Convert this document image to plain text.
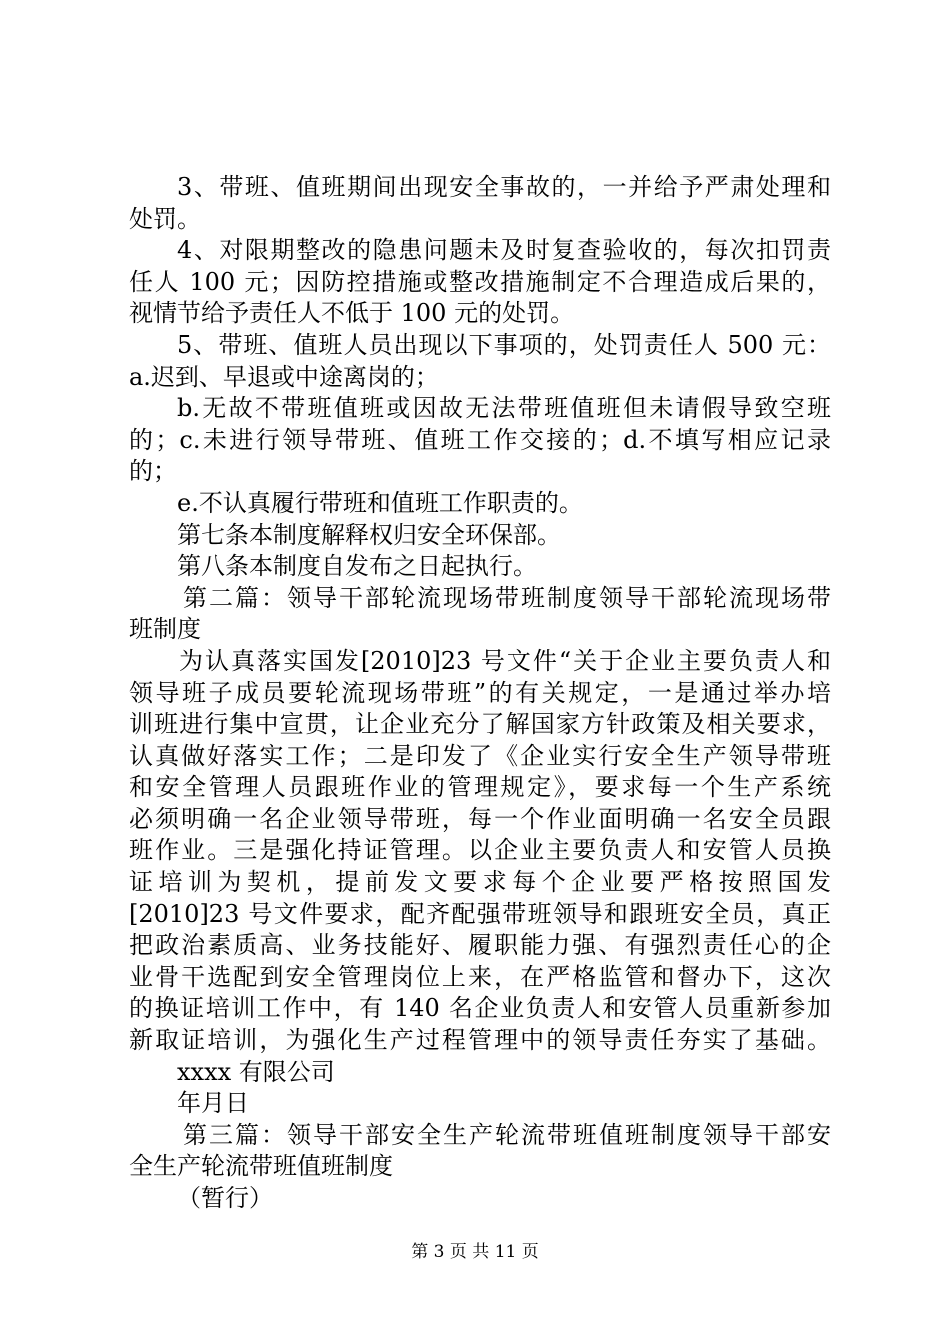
3、带班、值班期间出现安全事故的，一并给予严肃处理和
处罚。
4、对限期整改的隐患问题未及时复查验收的，每次扣罚责
任人 100 元；因防控措施或整改措施制定不合理造成后果的，
视情节给予责任人不低于 100 元的处罚。
5、带班、值班人员出现以下事项的，处罚责任人 500 元：
a.迟到、早退或中途离岗的；
b.无故不带班值班或因故无法带班值班但未请假导致空班
的；c.未进行领导带班、值班工作交接的；d.不填写相应记录
的；
e.不认真履行带班和值班工作职责的。
第七条本制度解释权归安全环保部。
第八条本制度自发布之日起执行。
第二篇：领导干部轮流现场带班制度领导干部轮流现场带
班制度
为认真落实国发[2010]23 号文件“关于企业主要负责人和
领导班子成员要轮流现场带班”的有关规定，一是通过举办培
训班进行集中宣贯，让企业充分了解国家方针政策及相关要求，
认真做好落实工作；二是印发了《企业实行安全生产领导带班
和安全管理人员跟班作业的管理规定》，要求每一个生产系统
必须明确一名企业领导带班，每一个作业面明确一名安全员跟
班作业。三是强化持证管理。以企业主要负责人和安管人员换
证培训为契机，提前发文要求每个企业要严格按照国发
[2010]23 号文件要求，配齐配强带班领导和跟班安全员，真正
把政治素质高、业务技能好、履职能力强、有强烈责任心的企
业骨干选配到安全管理岗位上来，在严格监管和督办下，这次
的换证培训工作中，有 140 名企业负责人和安管人员重新参加
新取证培训，为强化生产过程管理中的领导责任夯实了基础。
xxxx 有限公司
年月日
第三篇：领导干部安全生产轮流带班值班制度领导干部安
全生产轮流带班值班制度
（暂行）
第 3 页 共 11 页
